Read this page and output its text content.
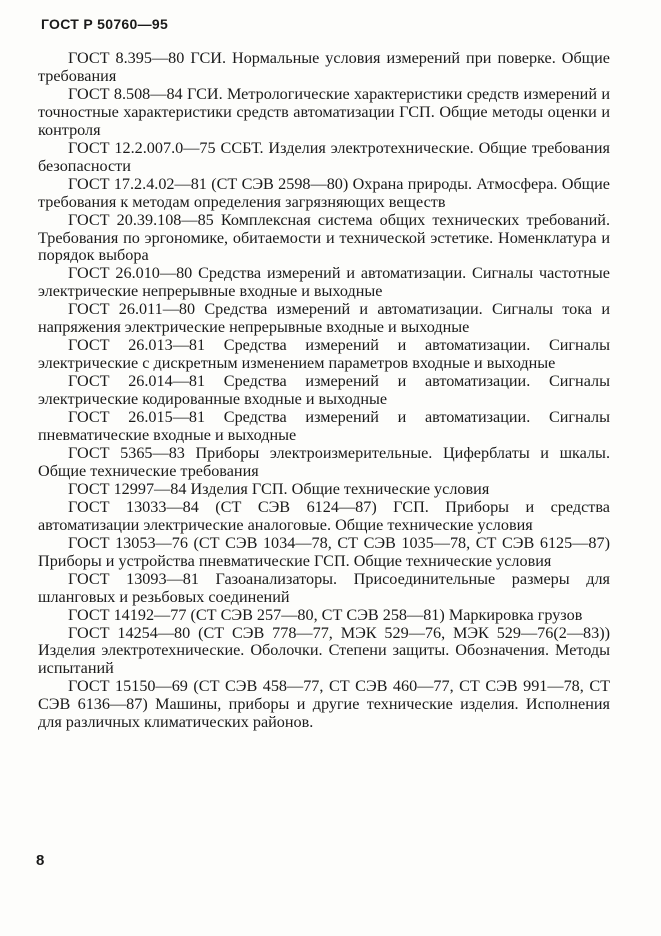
ГОСТ Р 50760—95

ГОСТ 8.395—80 ГСИ. Нормальные условия измерений при поверке. Общие требования

ГОСТ 8.508—84 ГСИ. Метрологические характеристики средств измерений и точностные характеристики средств автоматизации ГСП. Общие методы оценки и контроля

ГОСТ 12.2.007.0—75 ССБТ. Изделия электротехнические. Общие требования безопасности

ГОСТ 17.2.4.02—81 (СТ СЭВ 2598—80) Охрана природы. Атмосфера. Общие требования к методам определения загрязняющих веществ

ГОСТ 20.39.108—85 Комплексная система общих технических требований. Требования по эргономике, обитаемости и технической эстетике. Номенклатура и порядок выбора

ГОСТ 26.010—80 Средства измерений и автоматизации. Сигналы частотные электрические непрерывные входные и выходные

ГОСТ 26.011—80 Средства измерений и автоматизации. Сигналы тока и напряжения электрические непрерывные входные и выходные

ГОСТ 26.013—81 Средства измерений и автоматизации. Сигналы электрические с дискретным изменением параметров входные и выходные

ГОСТ 26.014—81 Средства измерений и автоматизации. Сигналы электрические кодированные входные и выходные

ГОСТ 26.015—81 Средства измерений и автоматизации. Сигналы пневматические входные и выходные

ГОСТ 5365—83 Приборы электроизмерительные. Циферблаты и шкалы. Общие технические требования

ГОСТ 12997—84 Изделия ГСП. Общие технические условия

ГОСТ 13033—84 (СТ СЭВ 6124—87) ГСП. Приборы и средства автоматизации электрические аналоговые. Общие технические условия

ГОСТ 13053—76 (СТ СЭВ 1034—78, СТ СЭВ 1035—78, СТ СЭВ 6125—87) Приборы и устройства пневматические ГСП. Общие технические условия

ГОСТ 13093—81 Газоанализаторы. Присоединительные размеры для шланговых и резьбовых соединений

ГОСТ 14192—77 (СТ СЭВ 257—80, СТ СЭВ 258—81) Маркировка грузов

ГОСТ 14254—80 (СТ СЭВ 778—77, МЭК 529—76, МЭК 529—76(2—83)) Изделия электротехнические. Оболочки. Степени защиты. Обозначения. Методы испытаний

ГОСТ 15150—69 (СТ СЭВ 458—77, СТ СЭВ 460—77, СТ СЭВ 991—78, СТ СЭВ 6136—87) Машины, приборы и другие технические изделия. Исполнения для различных климатических районов.

8
